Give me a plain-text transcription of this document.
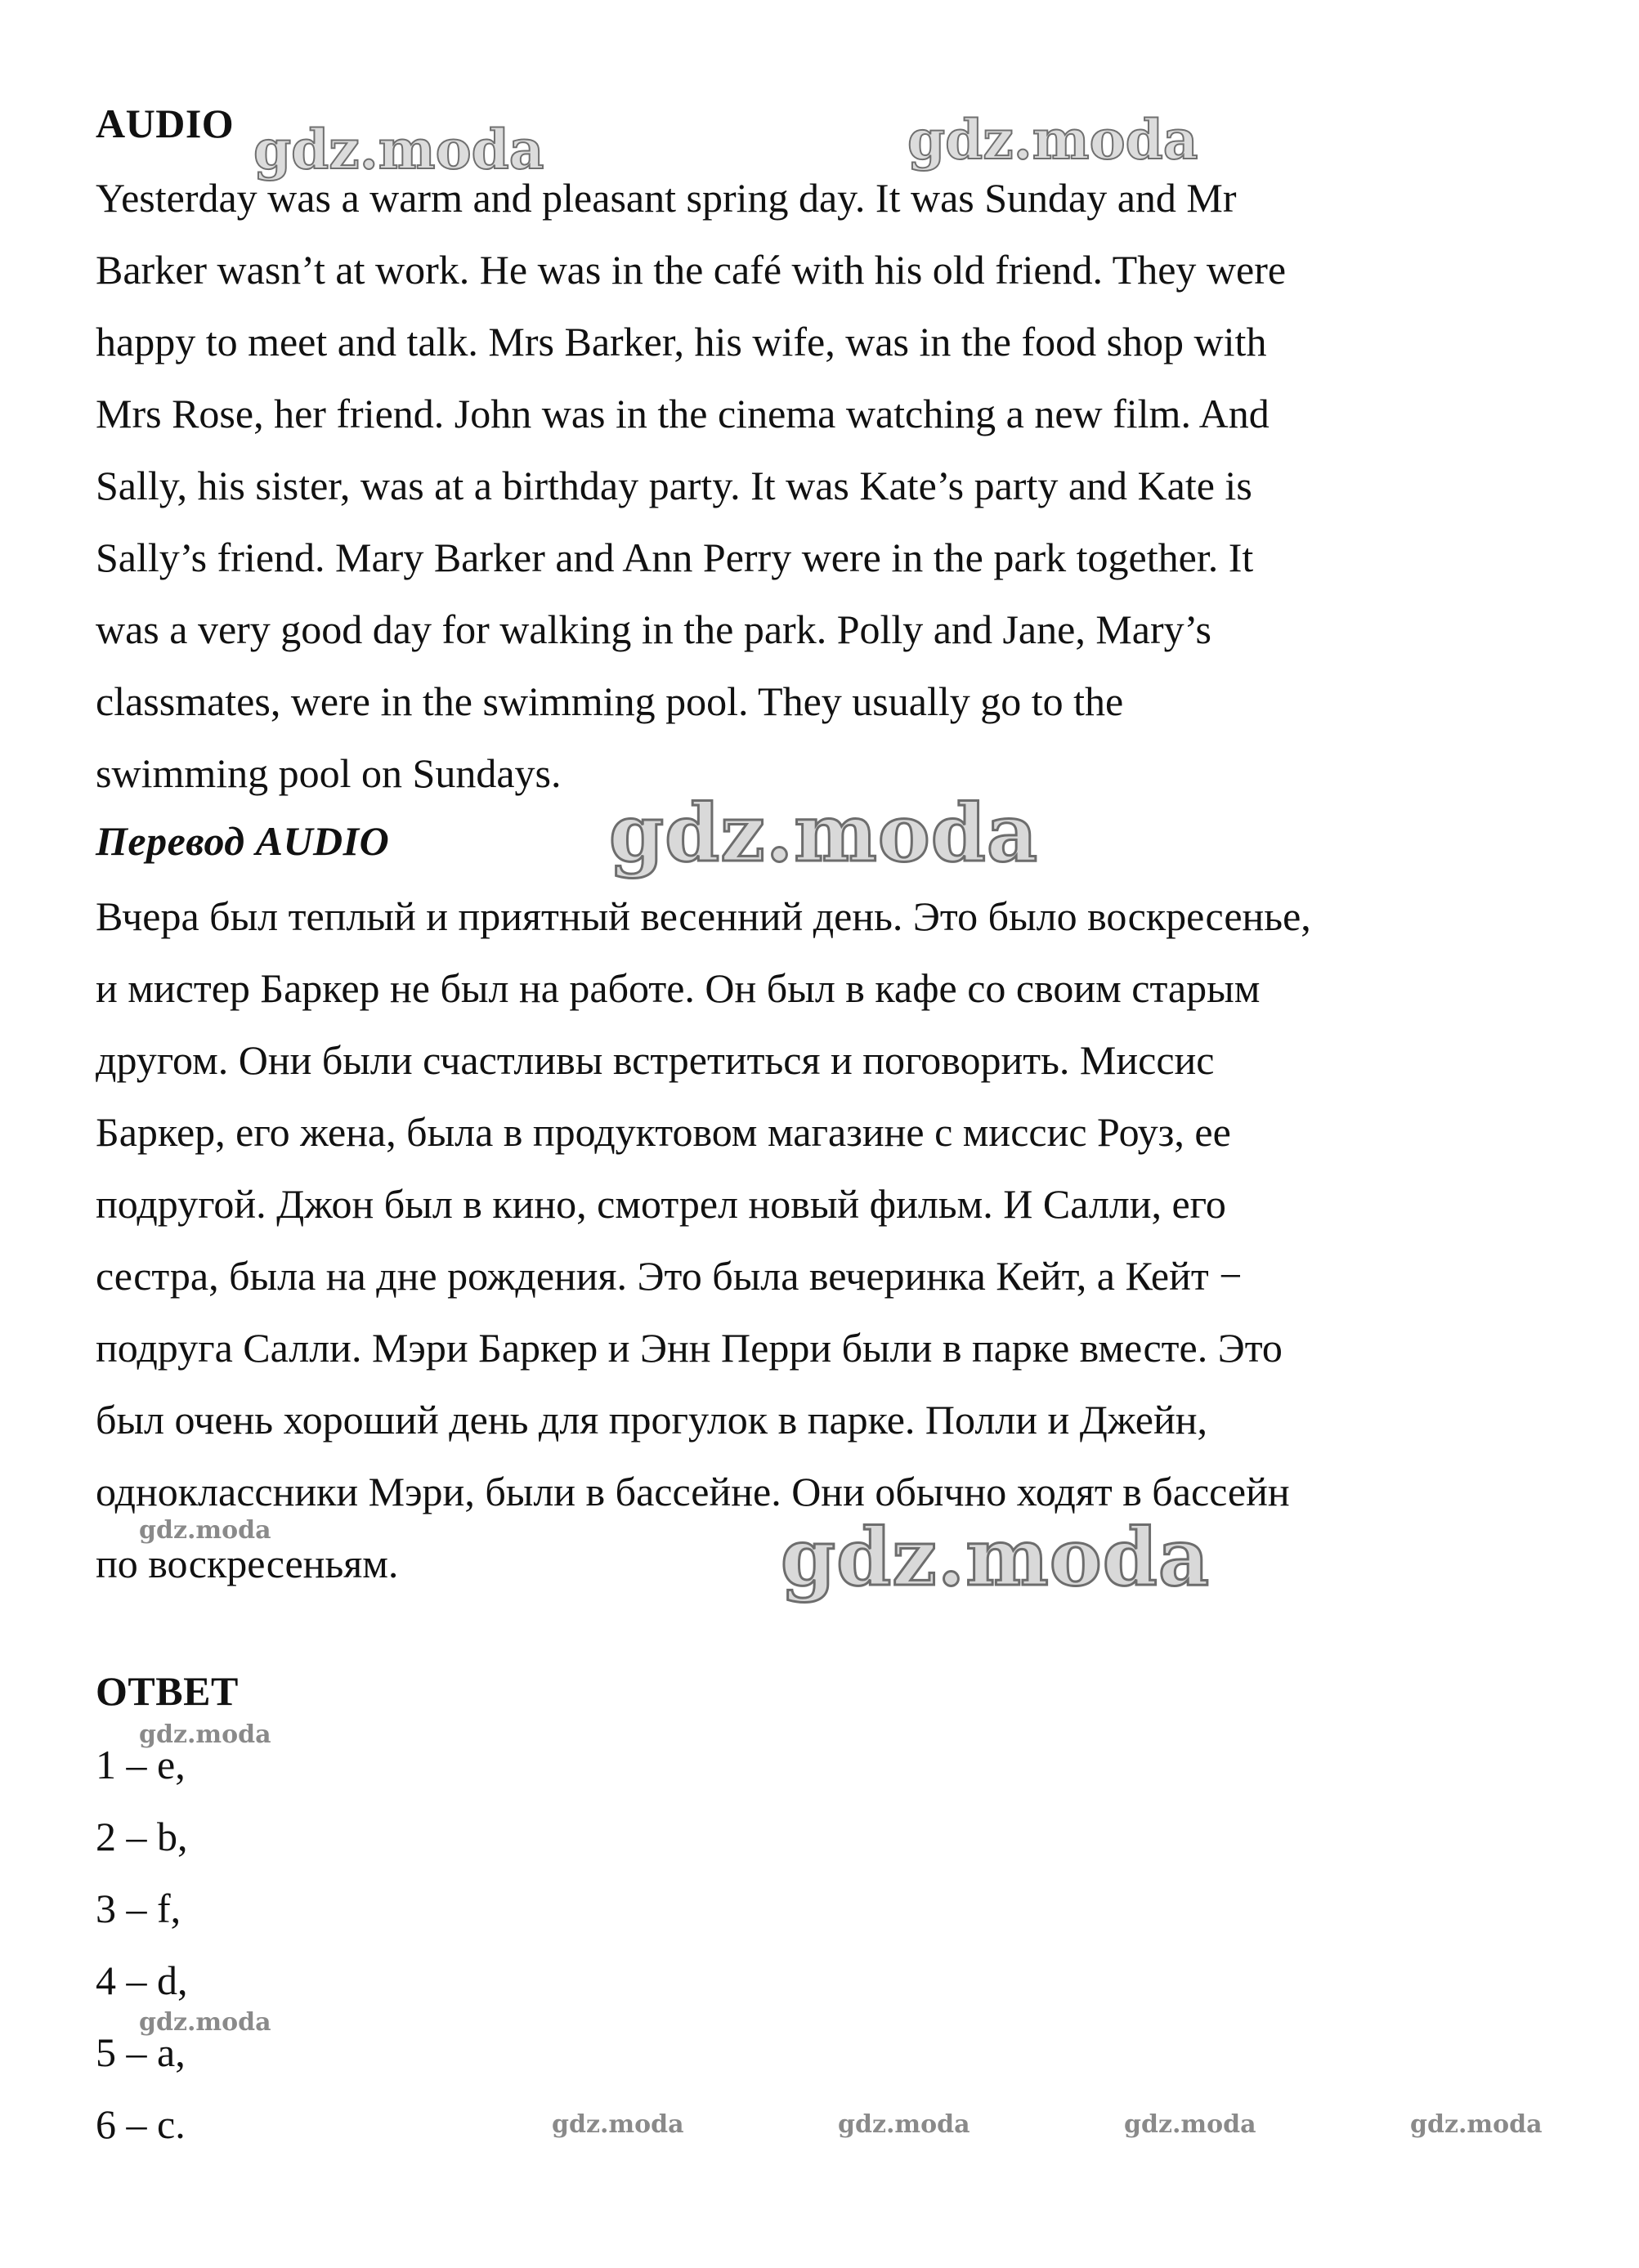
AUDIO
Yesterday was a warm and pleasant spring day. It was Sunday and Mr
Barker wasn’t at work. He was in the café with his old friend. They were
happy to meet and talk. Mrs Barker, his wife, was in the food shop with
Mrs Rose, her friend. John was in the cinema watching a new film. And
Sally, his sister, was at a birthday party. It was Kate’s party and Kate is
Sally’s friend. Mary Barker and Ann Perry were in the park together. It
was a very good day for walking in the park. Polly and Jane, Mary’s
classmates, were in the swimming pool. They usually go to the
swimming pool on Sundays.
Перевод AUDIO
Вчера был теплый и приятный весенний день. Это было воскресенье,
и мистер Баркер не был на работе. Он был в кафе со своим старым
другом. Они были счастливы встретиться и поговорить. Миссис
Баркер, его жена, была в продуктовом магазине с миссис Роуз, ее
подругой. Джон был в кино, смотрел новый фильм. И Салли, его
сестра, была на дне рождения. Это была вечеринка Кейт, а Кейт −
подруга Салли. Мэри Баркер и Энн Перри были в парке вместе. Это
был очень хороший день для прогулок в парке. Полли и Джейн,
одноклассники Мэри, были в бассейне. Они обычно ходят в бассейн
по воскресеньям.
ОТВЕТ
1 – e,
2 – b,
3 – f,
4 – d,
5 – a,
6 – c.
gdz.moda	gdz.moda
gdz.moda
gdz.moda
gdz.moda
gdz.moda
gdz.moda
gdz.moda	gdz.moda	gdz.moda	gdz.moda
